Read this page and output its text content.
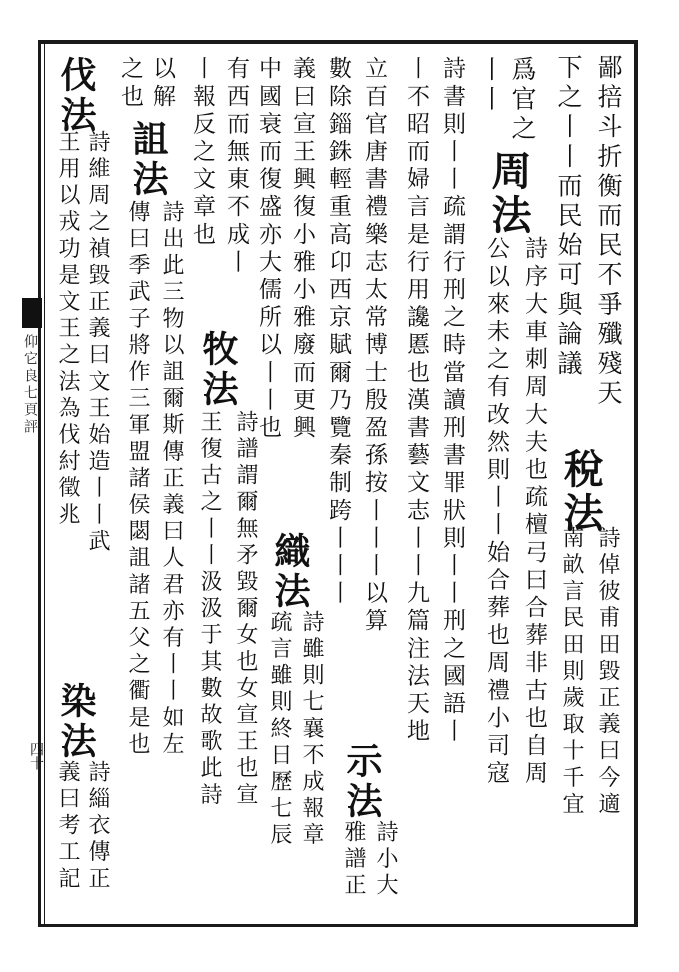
鄙掊斗折衡而民不爭殲殘天
下之丨丨而民始可與論議
稅法
詩倬彼甫田毀正義曰今適
南畝言民田則歲取十千宜
爲官之
丨丨
周法
詩序大車刺周大夫也疏檀弓曰合葬非古也自周
公以來未之有改然則丨丨始合葬也周禮小司寇
詩書則丨丨疏謂行刑之時當讀刑書罪狀則丨丨刑之國語丨
丨不昭而婦言是行用讒慝也漢書藝文志丨丨九篇注法天地
立百官唐書禮樂志太常博士殷盈孫按丨丨丨以算
數除錙銖輕重高卬西京賦爾乃覽秦制跨丨丨丨
示法
詩小大
雅譜正
義曰宣王興復小雅小雅廢而更興
中國衰而復盛亦大儒所以丨丨也
織法
詩雖則七襄不成報章
疏言雖則終日歷七辰
有西而無東不成丨
丨報反之文章也
牧法
詩譜謂爾無矛毀爾女也女宣王也宣
王復古之丨丨汲汲于其數故歌此詩
以解
之也
詛法
詩出此三物以詛爾斯傳正義曰人君亦有丨丨如左
傳曰季武子將作三軍盟諸侯閟詛諸五父之衢是也
伐法
詩維周之禎毀正義曰文王始造丨丨武
王用以戎功是文王之法為伐紂徵兆
染法
詩緇衣傳正
義曰考工記
仰它良七頁評
四十
